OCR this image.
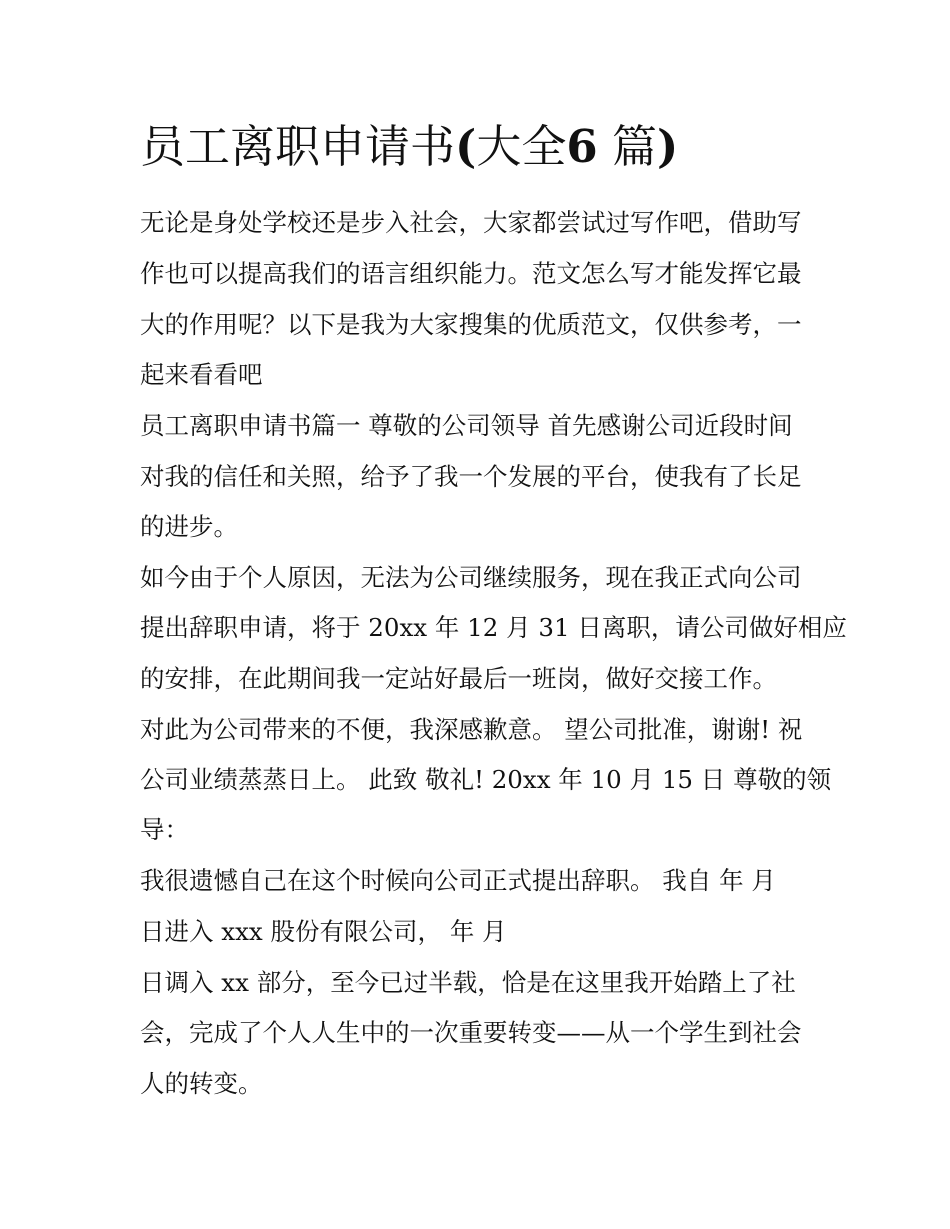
员工离职申请书(大全6 篇)

无论是身处学校还是步入社会，大家都尝试过写作吧，借助写

作也可以提高我们的语言组织能力。范文怎么写才能发挥它最

大的作用呢？以下是我为大家搜集的优质范文，仅供参考，一

起来看看吧

员工离职申请书篇一 尊敬的公司领导 首先感谢公司近段时间

对我的信任和关照，给予了我一个发展的平台，使我有了长足

的进步。

如今由于个人原因，无法为公司继续服务，现在我正式向公司

提出辞职申请，将于 20xx 年 12 月 31 日离职，请公司做好相应

的安排，在此期间我一定站好最后一班岗，做好交接工作。

对此为公司带来的不便，我深感歉意。 望公司批准，谢谢! 祝

公司业绩蒸蒸日上。 此致 敬礼! 20xx 年 10 月 15 日 尊敬的领

导：

我很遗憾自己在这个时候向公司正式提出辞职。 我自 年 月

日进入 xxx 股份有限公司， 年 月

日调入 xx 部分，至今已过半载，恰是在这里我开始踏上了社

会，完成了个人人生中的一次重要转变——从一个学生到社会

人的转变。
